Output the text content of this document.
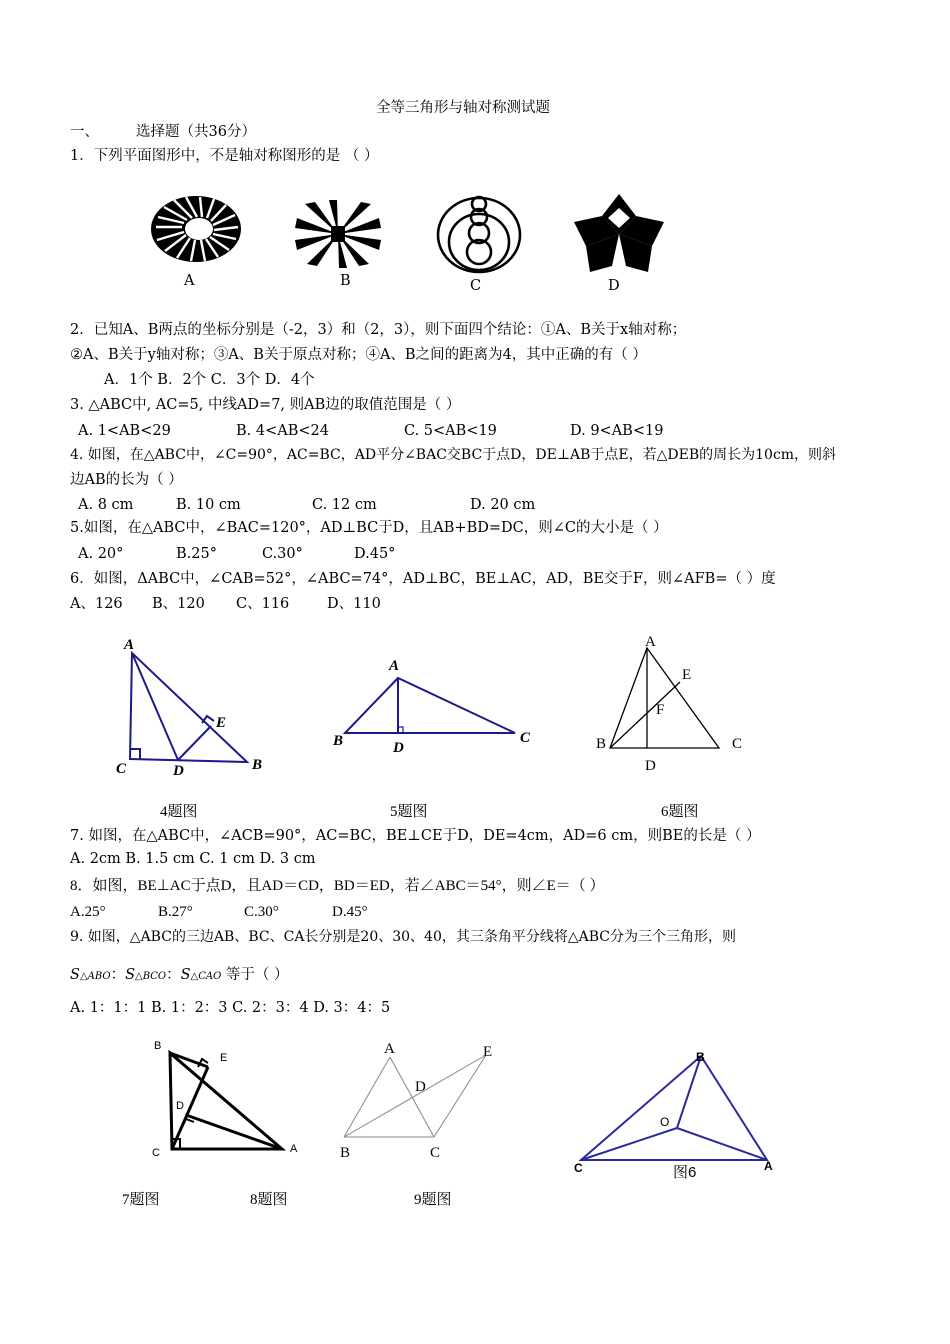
全等三角形与轴对称测试题
一、	选择题（共36分）
1．下列平面图形中，不是轴对称图形的是 （ ）
A	B	C	D
2．已知A、B两点的坐标分别是（-2，3）和（2，3），则下面四个结论：①A、B关于x轴对称；
②A、B关于y轴对称；③A、B关于原点对称；④A、B之间的距离为4，其中正确的有（ ）
A．1个 B．2个 C．3个 D．4个
3. △ABC中, AC=5, 中线AD=7, 则AB边的取值范围是（ ）
A. 1<AB<29	B. 4<AB<24	C. 5<AB<19	D. 9<AB<19
4. 如图，在△ABC中，∠C=90°，AC=BC，AD平分∠BAC交BC于点D，DE⊥AB于点E，若△DEB的周长为10cm，则斜
边AB的长为（ ）
A. 8 cm	B. 10 cm	C. 12 cm	D. 20 cm
5.如图，在△ABC中，∠BAC=120°，AD⊥BC于D，且AB+BD=DC，则∠C的大小是（ ）
A. 20°	B.25°	C.30°	D.45°
6．如图，ΔABC中，∠CAB=52°，∠ABC=74°，AD⊥BC，BE⊥AC，AD，BE交于F，则∠AFB=（ ）度
A、126 B、120 C、116	D、110
A
C	D	B
E
4题图
A
B	D
C
5题图
A
E
F
B	C
D
6题图
7. 如图，在△ABC中，∠ACB=90°，AC=BC，BE⊥CE于D，DE=4cm，AD=6 cm，则BE的长是（ ）
A. 2cm B. 1.5 cm C. 1 cm D. 3 cm
8．如图，BE⊥AC于点D，且AD＝CD，BD＝ED，若∠ABC＝54°，则∠E＝（ ）
A.25°	B.27°	C.30°	D.45°
9. 如图，△ABC的三边AB、BC、CA长分别是20、30、40，其三条角平分线将△ABC分为三个三角形，则
S△ABO：S△BCO：S△CAO 等于（ ）
A. 1：1：1 B. 1：2：3 C. 2：3：4 D. 3：4：5
B
E
D
C	A
7题图
A	E
D
B	C
8题图
B
O
C	A
图6
9题图
